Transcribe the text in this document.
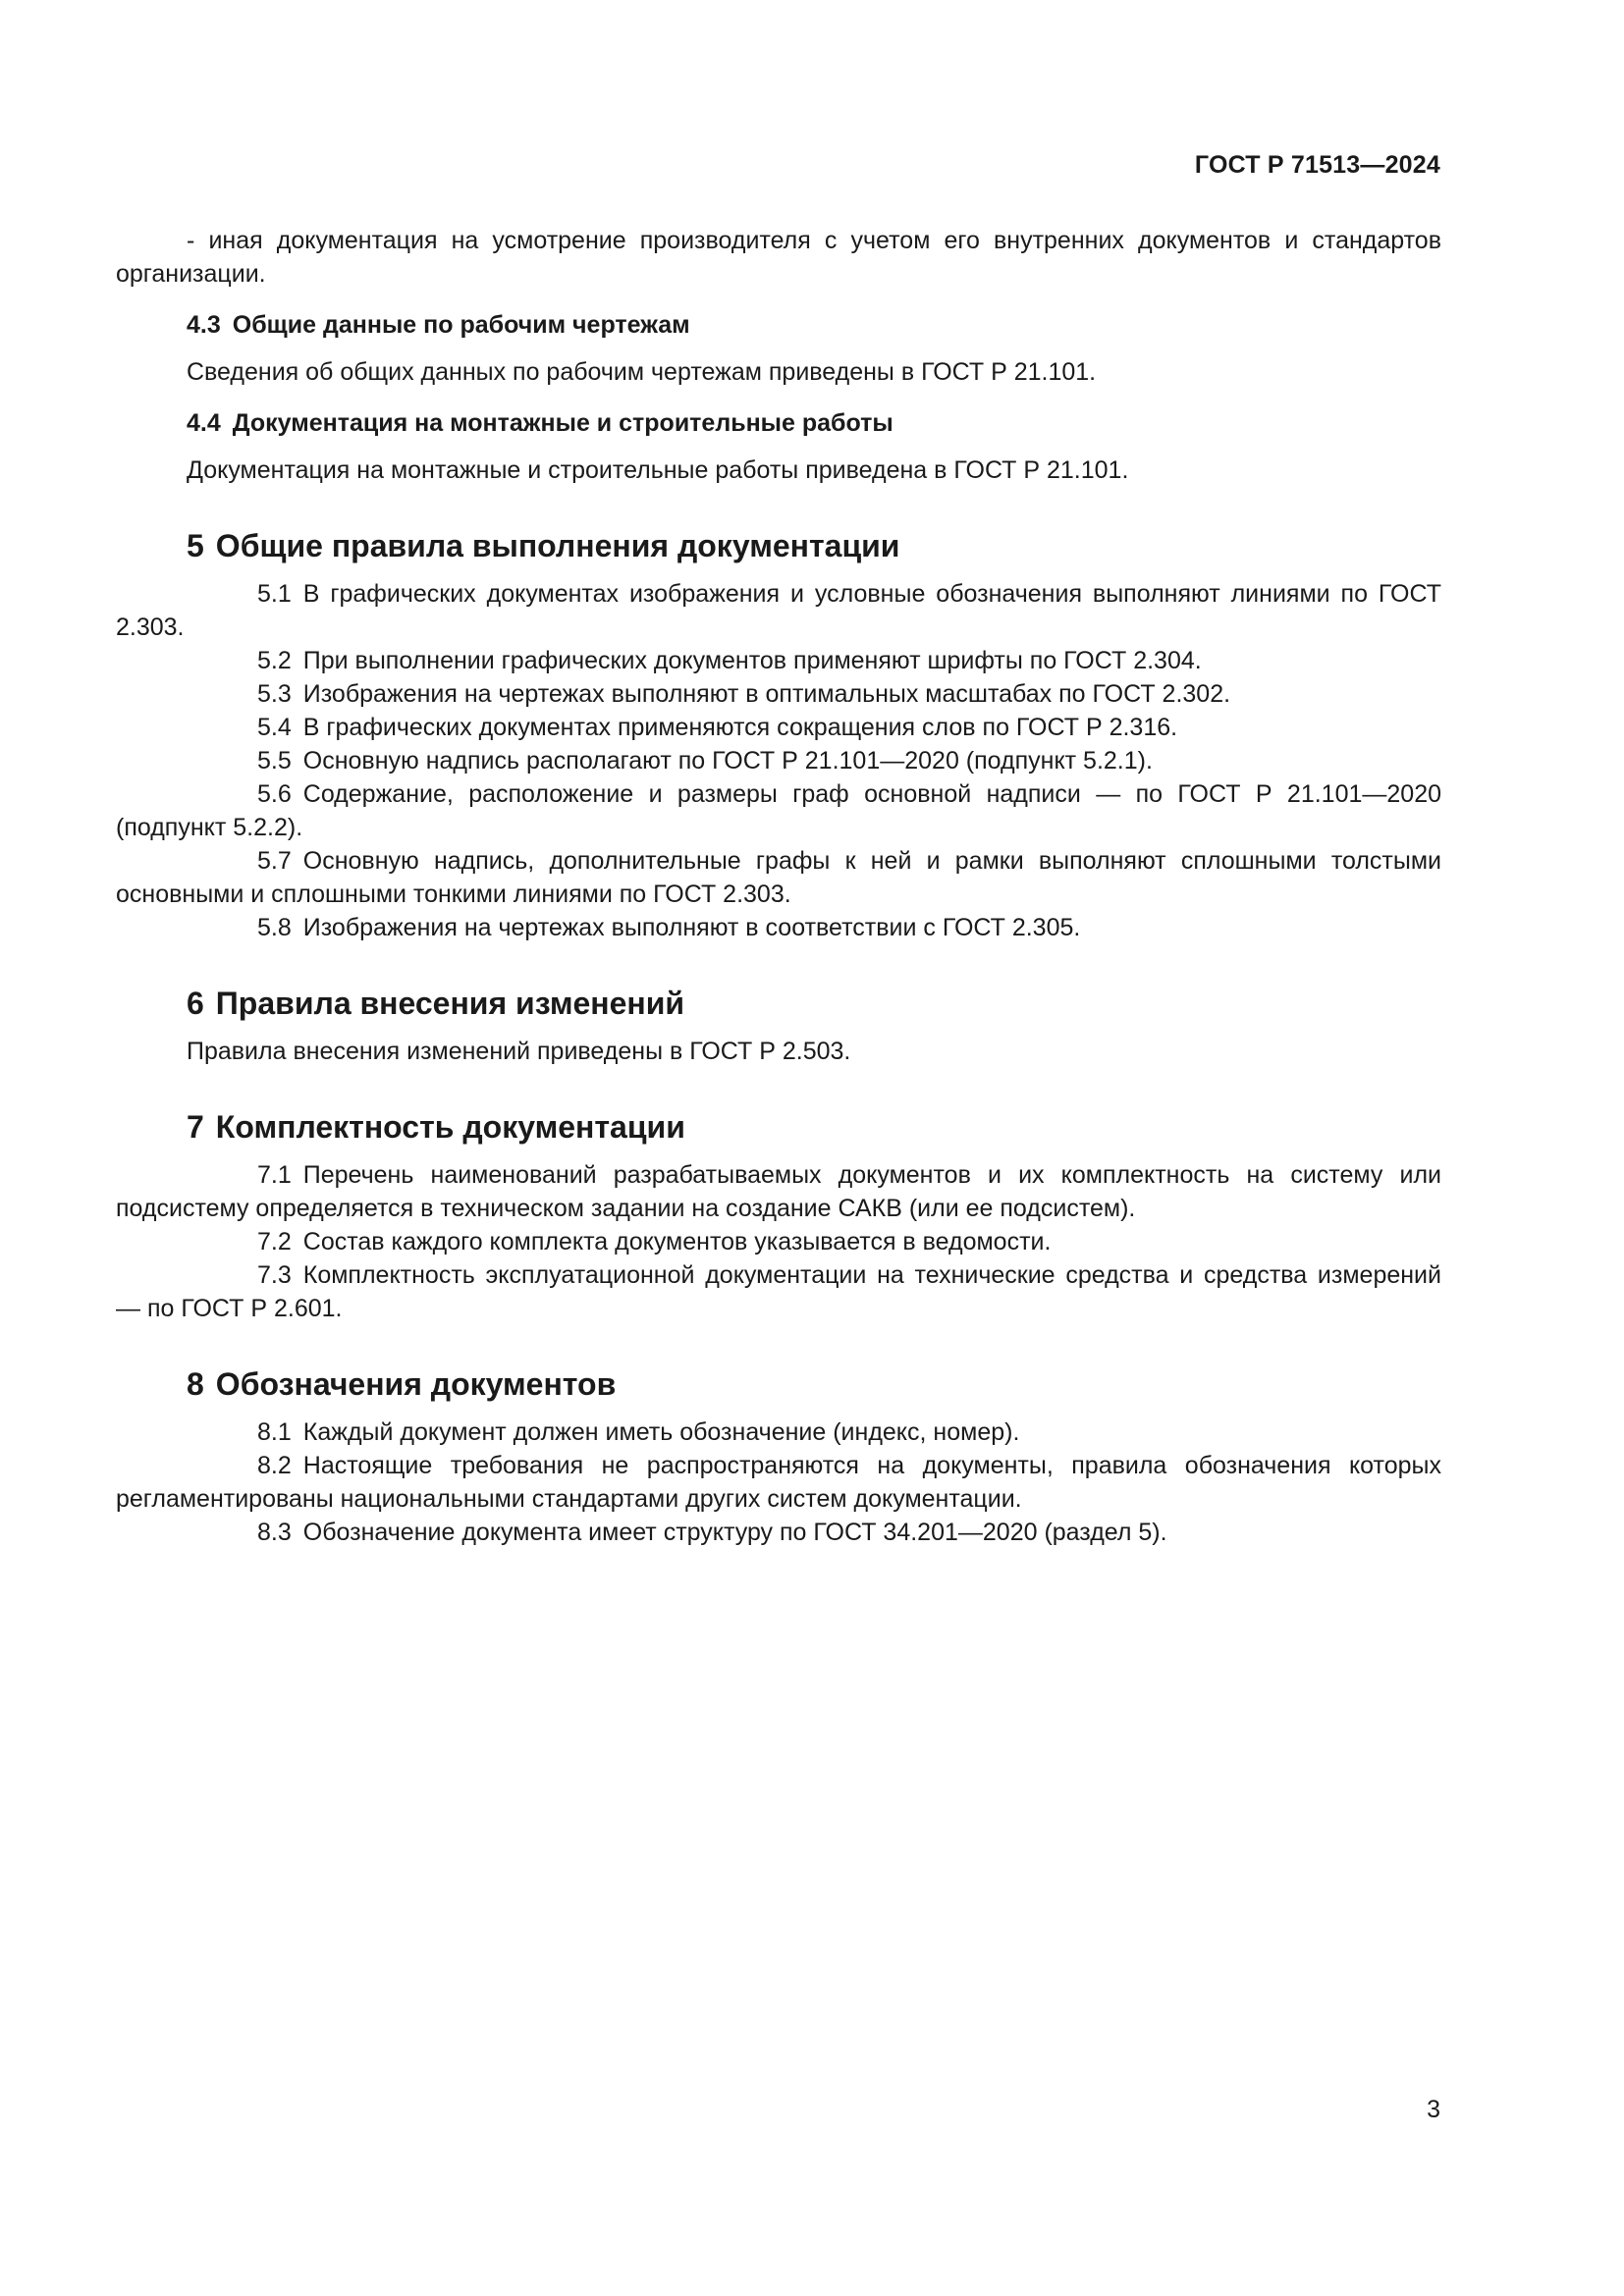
ГОСТ Р 71513—2024

- иная документация на усмотрение производителя с учетом его внутренних документов и стандартов организации.

4.3 Общие данные по рабочим чертежам

Сведения об общих данных по рабочим чертежам приведены в ГОСТ Р 21.101.

4.4 Документация на монтажные и строительные работы

Документация на монтажные и строительные работы приведена в ГОСТ Р 21.101.

5 Общие правила выполнения документации

5.1 В графических документах изображения и условные обозначения выполняют линиями по ГОСТ 2.303.

5.2 При выполнении графических документов применяют шрифты по ГОСТ 2.304.

5.3 Изображения на чертежах выполняют в оптимальных масштабах по ГОСТ 2.302.

5.4 В графических документах применяются сокращения слов по ГОСТ Р 2.316.

5.5 Основную надпись располагают по ГОСТ Р 21.101—2020 (подпункт 5.2.1).

5.6 Содержание, расположение и размеры граф основной надписи — по ГОСТ Р 21.101—2020 (подпункт 5.2.2).

5.7 Основную надпись, дополнительные графы к ней и рамки выполняют сплошными толстыми основными и сплошными тонкими линиями по ГОСТ 2.303.

5.8 Изображения на чертежах выполняют в соответствии с ГОСТ 2.305.

6 Правила внесения изменений

Правила внесения изменений приведены в ГОСТ Р 2.503.

7 Комплектность документации

7.1 Перечень наименований разрабатываемых документов и их комплектность на систему или подсистему определяется в техническом задании на создание САКВ (или ее подсистем).

7.2 Состав каждого комплекта документов указывается в ведомости.

7.3 Комплектность эксплуатационной документации на технические средства и средства измерений — по ГОСТ Р 2.601.

8 Обозначения документов

8.1 Каждый документ должен иметь обозначение (индекс, номер).

8.2 Настоящие требования не распространяются на документы, правила обозначения которых регламентированы национальными стандартами других систем документации.

8.3 Обозначение документа имеет структуру по ГОСТ 34.201—2020 (раздел 5).

3
